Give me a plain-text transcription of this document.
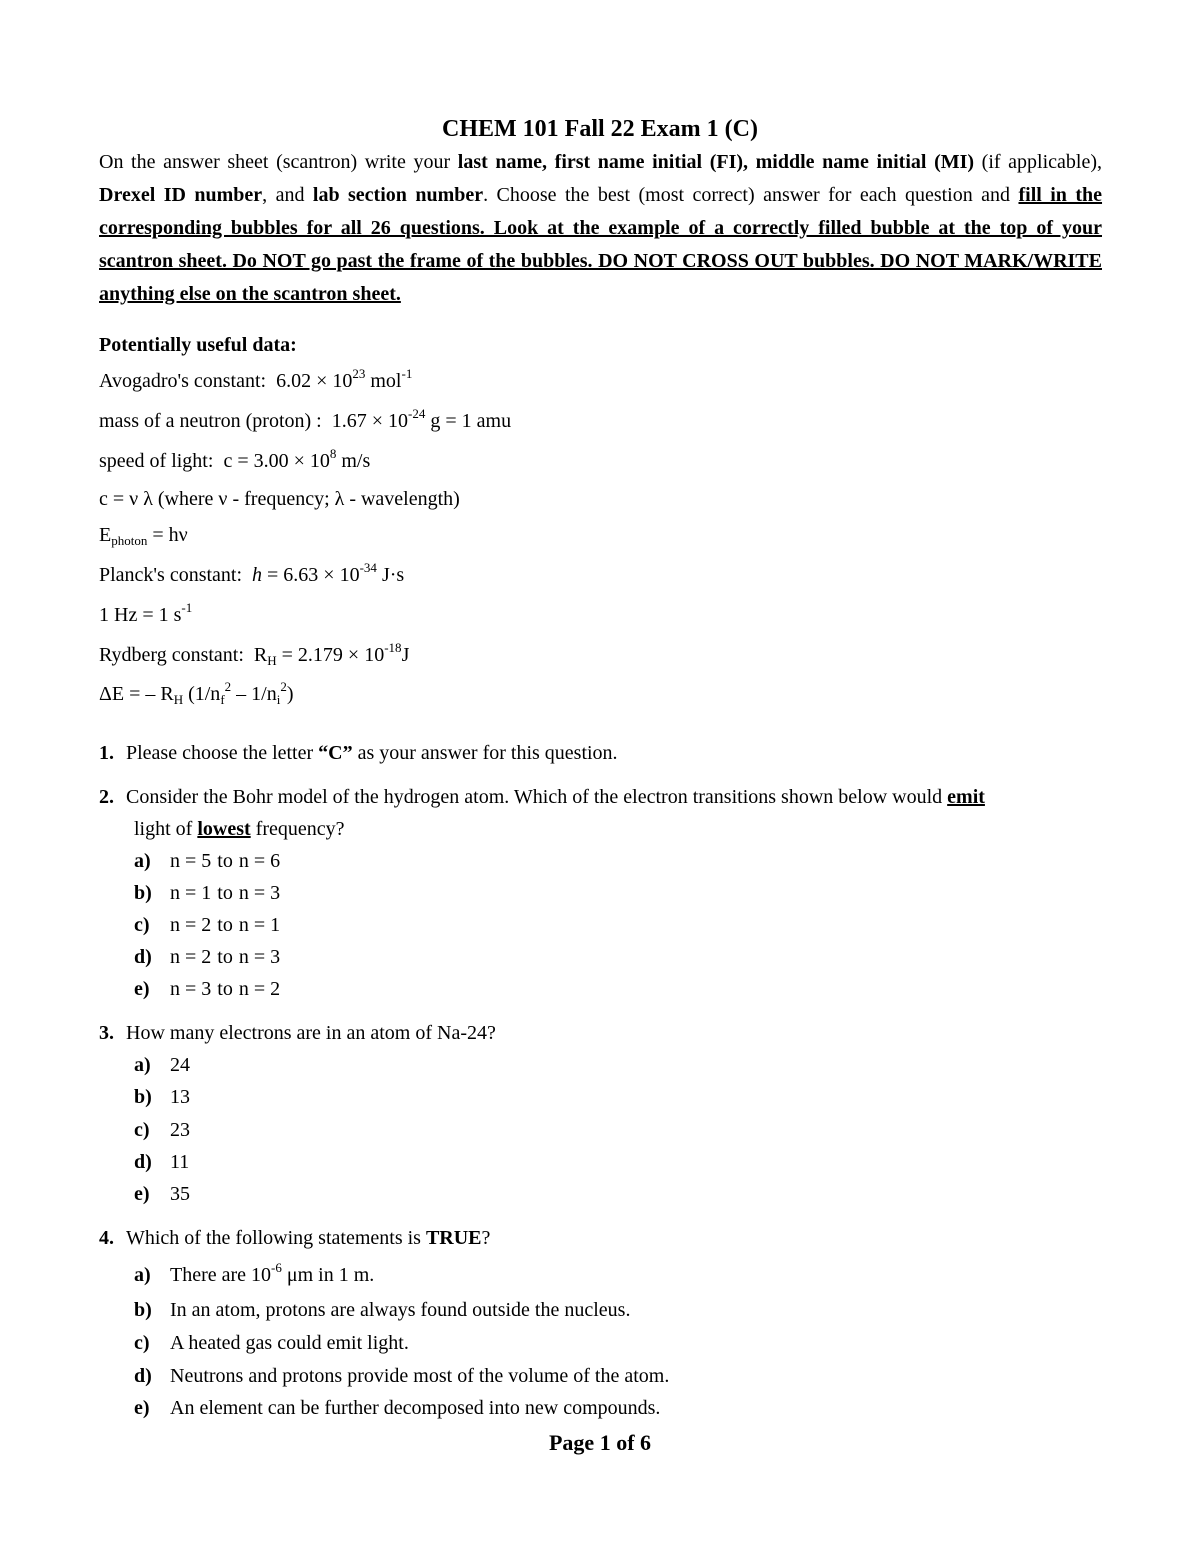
CHEM 101 Fall 22 Exam 1 (C)
On the answer sheet (scantron) write your last name, first name initial (FI), middle name initial (MI) (if applicable), Drexel ID number, and lab section number. Choose the best (most correct) answer for each question and fill in the corresponding bubbles for all 26 questions. Look at the example of a correctly filled bubble at the top of your scantron sheet. Do NOT go past the frame of the bubbles. DO NOT CROSS OUT bubbles. DO NOT MARK/WRITE anything else on the scantron sheet.
Potentially useful data:
Avogadro's constant: $6.02 \times 10^{23}$ mol$^{-1}$
mass of a neutron (proton) : $1.67 \times 10^{-24}$ g = 1 amu
speed of light: $c = 3.00 \times 10^8$ m/s
c = ν λ (where ν - frequency; λ - wavelength)
$E_{photon} = h\nu$
Planck's constant: $h = 6.63 \times 10^{-34}$ J·s
1 Hz = 1 $s^{-1}$
Rydberg constant: $R_H = 2.179 \times 10^{-18}J$
ΔE = – $R_H$ $(1/n_f^2 - 1/n_i^2)$
1. Please choose the letter “C” as your answer for this question.
2. Consider the Bohr model of the hydrogen atom. Which of the electron transitions shown below would emit
light of lowest frequency?
a) n = 5 to n = 6
b) n = 1 to n = 3
c) n = 2 to n = 1
d) n = 2 to n = 3
e) n = 3 to n = 2
3. How many electrons are in an atom of Na-24?
a) 24
b) 13
c) 23
d) 11
e) 35
4. Which of the following statements is TRUE?
a) There are $10^{-6}$ μm in 1 m.
b) In an atom, protons are always found outside the nucleus.
c) A heated gas could emit light.
d) Neutrons and protons provide most of the volume of the atom.
e) An element can be further decomposed into new compounds.
Page 1 of 6
